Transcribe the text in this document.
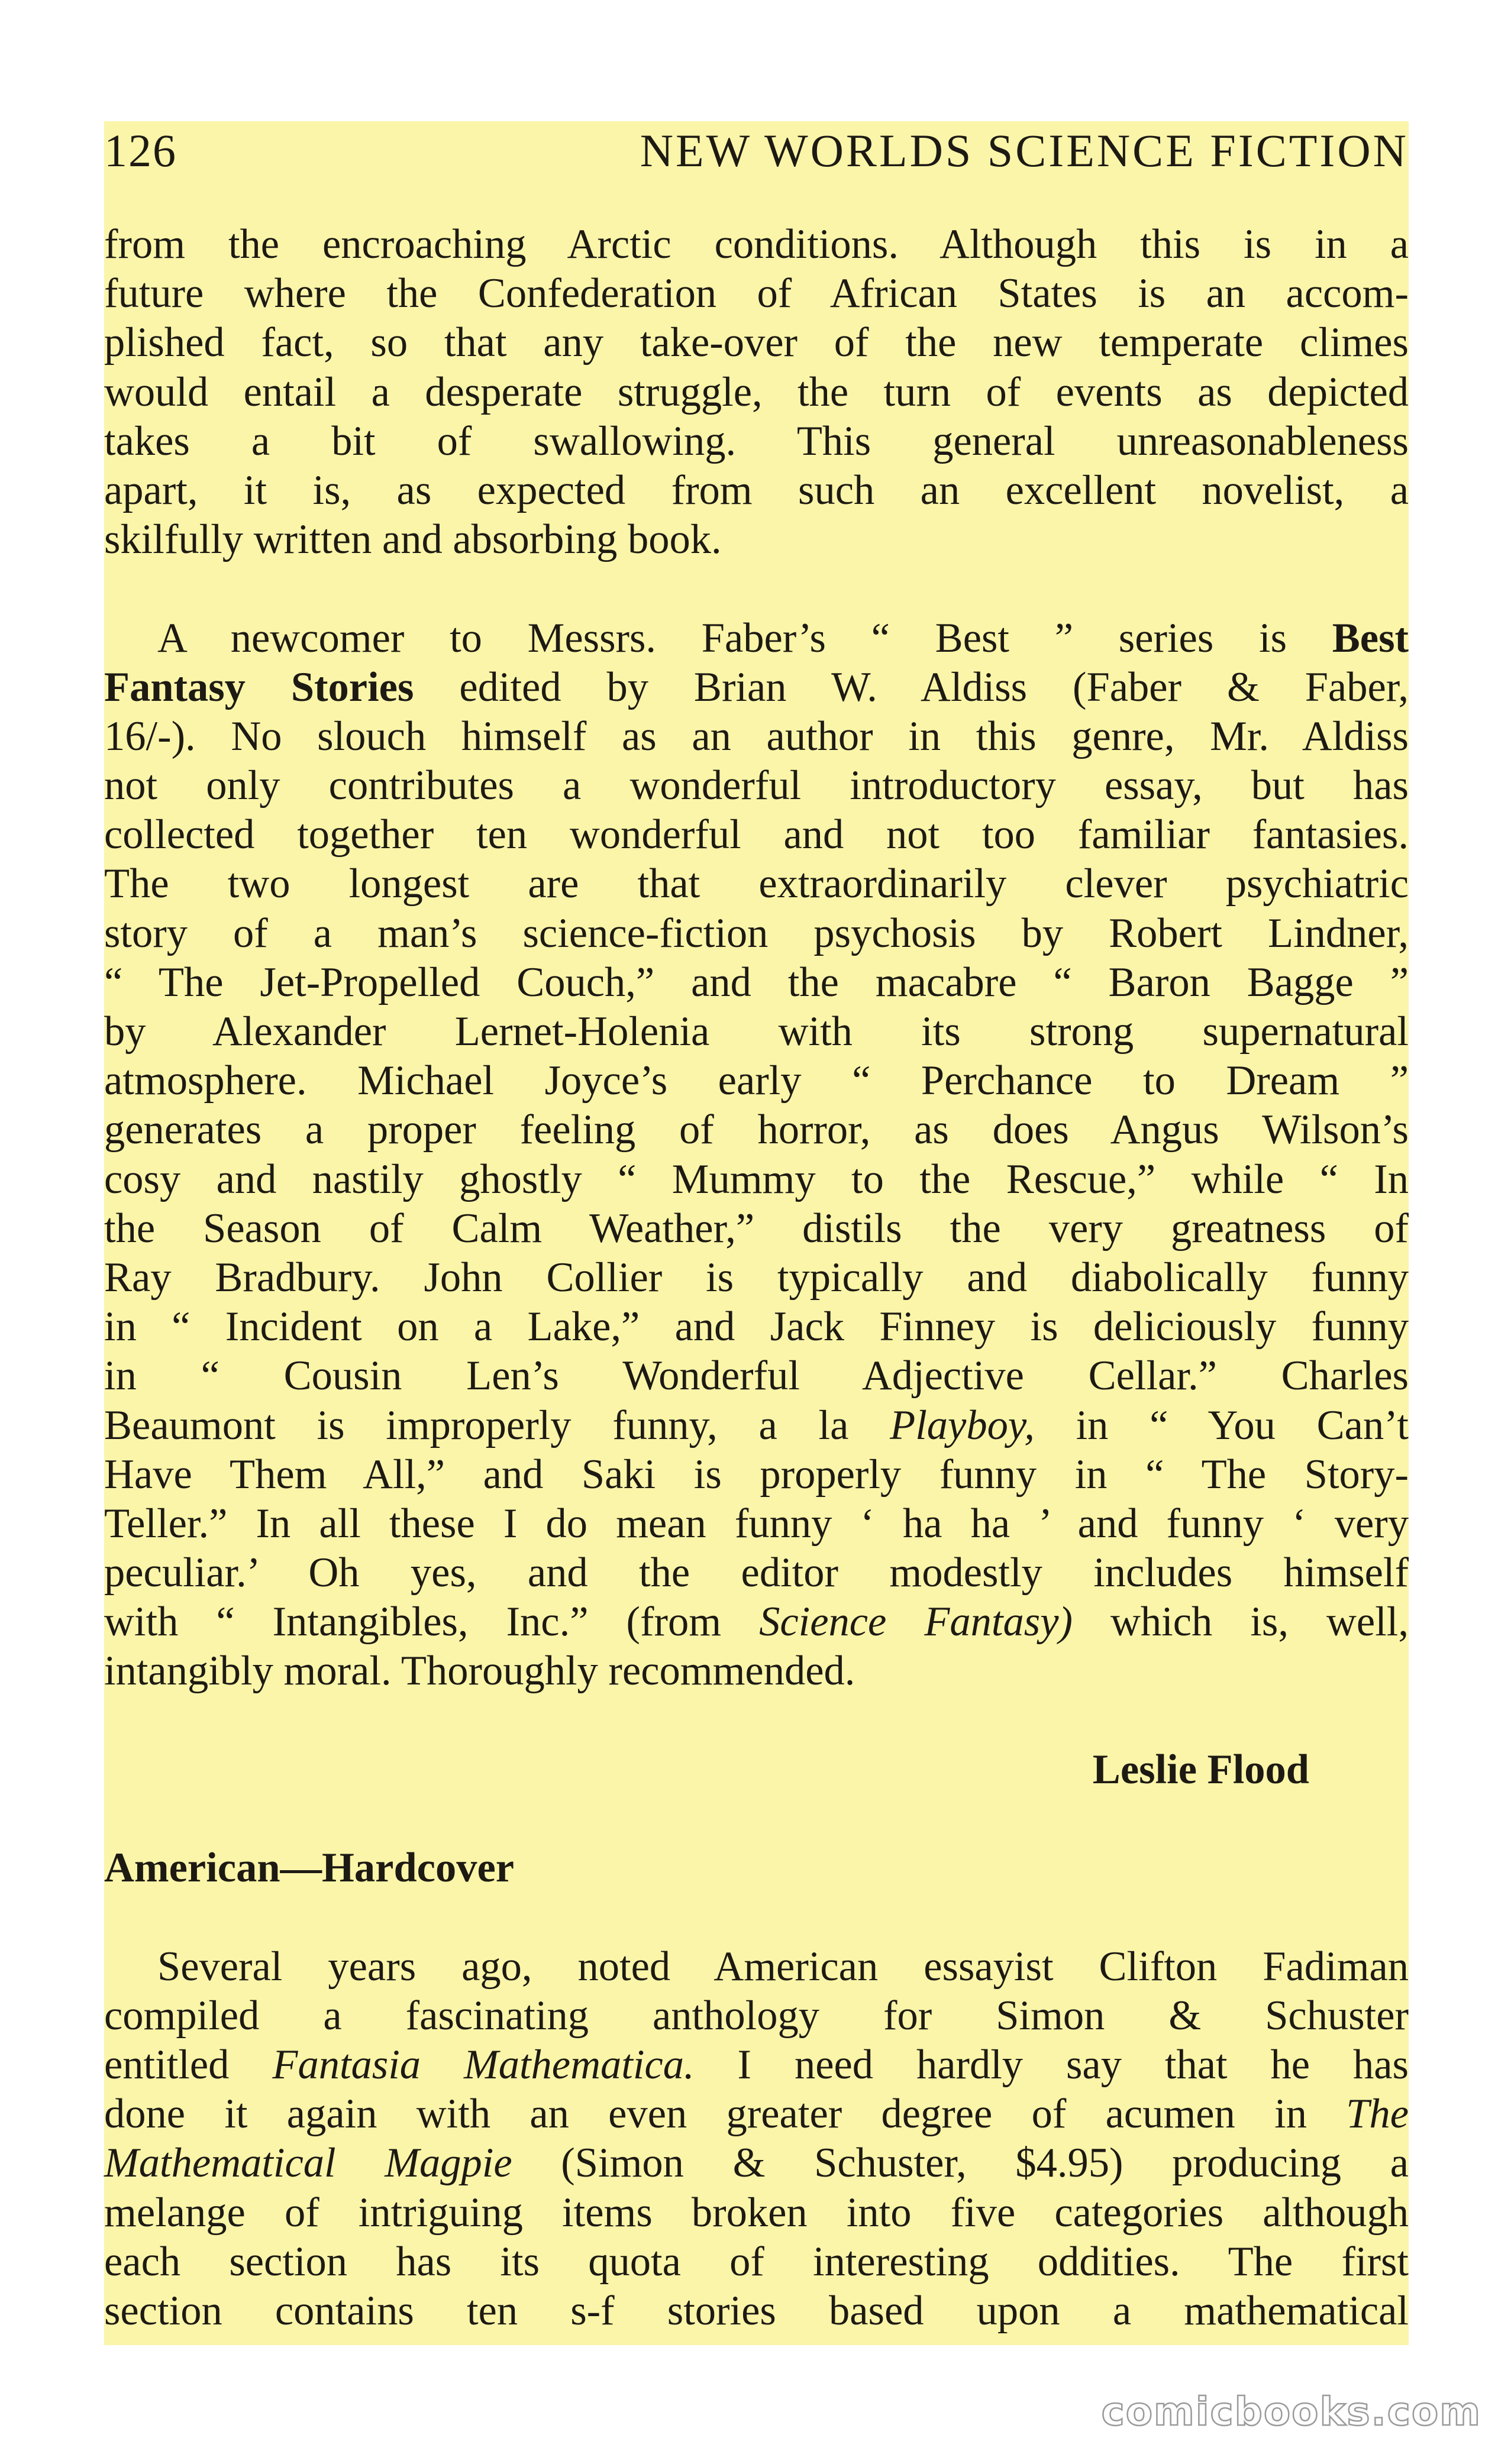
126	NEW WORLDS SCIENCE FICTION
from the encroaching Arctic conditions. Although this is in a
future where the Confederation of African States is an accom-
plished fact, so that any take-over of the new temperate climes
would entail a desperate struggle, the turn of events as depicted
takes a bit of swallowing. This general unreasonableness
apart, it is, as expected from such an excellent novelist, a
skilfully written and absorbing book.
A newcomer to Messrs. Faber’s “ Best ” series is Best
Fantasy Stories edited by Brian W. Aldiss (Faber & Faber,
16/-). No slouch himself as an author in this genre, Mr. Aldiss
not only contributes a wonderful introductory essay, but has
collected together ten wonderful and not too familiar fantasies.
The two longest are that extraordinarily clever psychiatric
story of a man’s science-fiction psychosis by Robert Lindner,
“ The Jet-Propelled Couch,” and the macabre “ Baron Bagge ”
by Alexander Lernet-Holenia with its strong supernatural
atmosphere. Michael Joyce’s early “ Perchance to Dream ”
generates a proper feeling of horror, as does Angus Wilson’s
cosy and nastily ghostly “ Mummy to the Rescue,” while “ In
the Season of Calm Weather,” distils the very greatness of
Ray Bradbury. John Collier is typically and diabolically funny
in “ Incident on a Lake,” and Jack Finney is deliciously funny
in “ Cousin Len’s Wonderful Adjective Cellar.” Charles
Beaumont is improperly funny, a la Playboy, in “ You Can’t
Have Them All,” and Saki is properly funny in “ The Story-
Teller.” In all these I do mean funny ‘ ha ha ’ and funny ‘ very
peculiar.’ Oh yes, and the editor modestly includes himself
with “ Intangibles, Inc.” (from Science Fantasy) which is, well,
intangibly moral. Thoroughly recommended.
Leslie Flood
American—Hardcover
Several years ago, noted American essayist Clifton Fadiman
compiled a fascinating anthology for Simon & Schuster
entitled Fantasia Mathematica. I need hardly say that he has
done it again with an even greater degree of acumen in The
Mathematical Magpie (Simon & Schuster, $4.95) producing a
melange of intriguing items broken into five categories although
each section has its quota of interesting oddities. The first
section contains ten s-f stories based upon a mathematical
comicbooks.com
